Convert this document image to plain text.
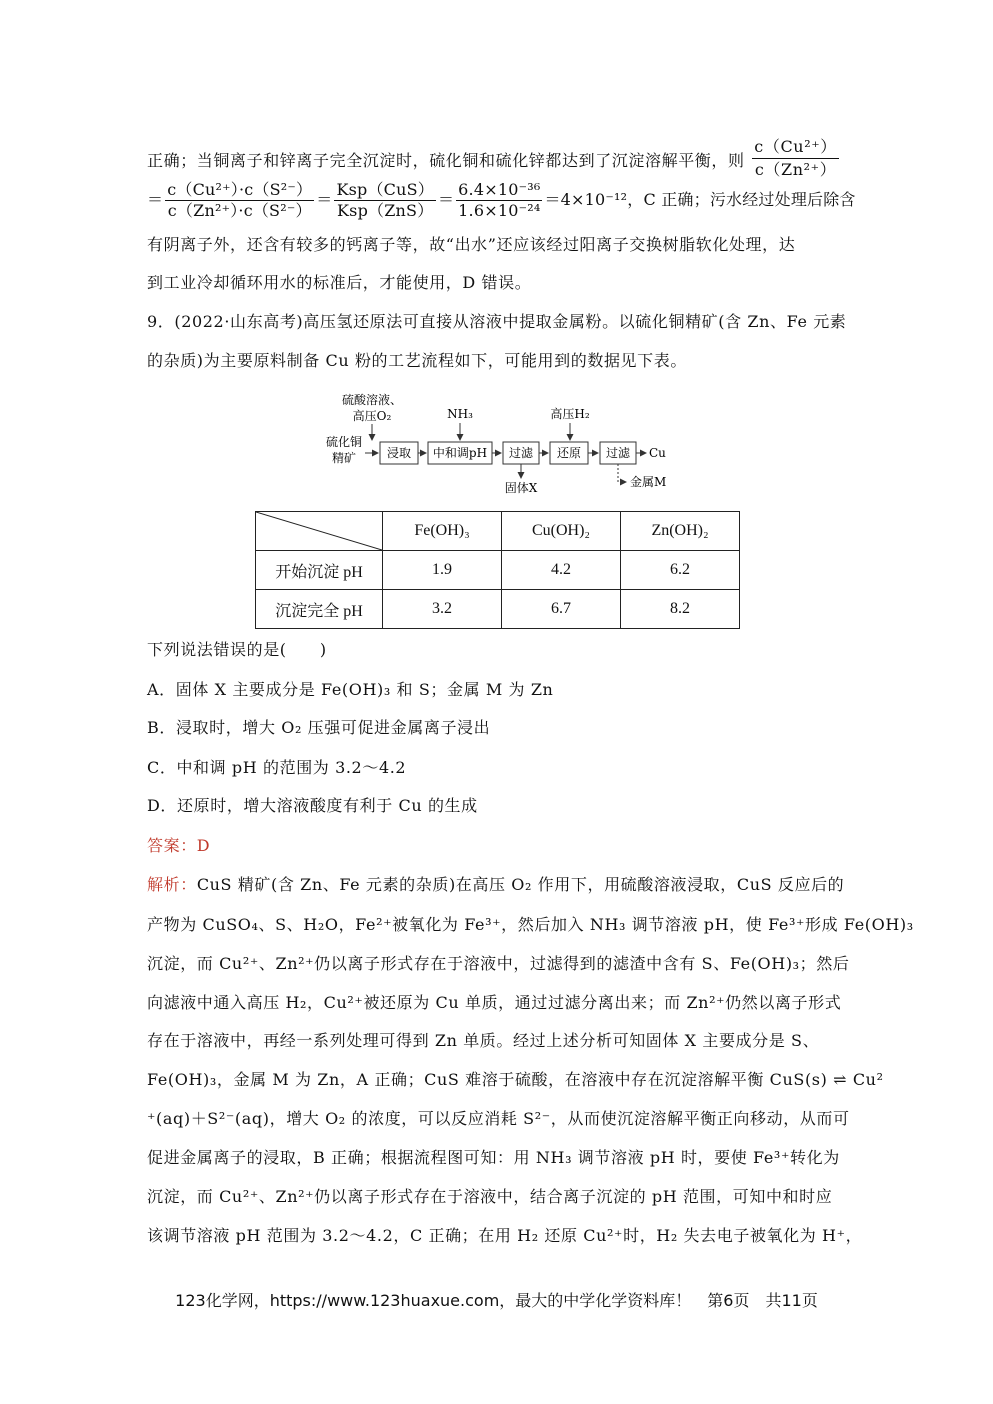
正确；当铜离子和锌离子完全沉淀时，硫化铜和硫化锌都达到了沉淀溶解平衡，则 $\frac{\text{c（Cu²⁺）}}{\text{c（Zn²⁺）}}$
＝ $\frac{\text{c（Cu²⁺）·c（S²⁻）}}{\text{c（Zn²⁺）·c（S²⁻）}} = \frac{\text{Ksp（CuS）}}{\text{Ksp（ZnS）}} = \frac{\text{6.4×10⁻³⁶}}{\text{1.6×10⁻²⁴}} =4\times 10^{-12}$，C 正确；污水经过处理后除含
有阴离子外，还含有较多的钙离子等，故“出水”还应该经过阳离子交换树脂软化处理，达
到工业冷却循环用水的标准后，才能使用，D 错误。
9．(2022·山东高考)高压氢还原法可直接从溶液中提取金属粉。以硫化铜精矿(含 Zn、Fe 元素
的杂质)为主要原料制备 Cu 粉的工艺流程如下，可能用到的数据见下表。
硫酸溶液、
高压O₂	NH₃	高压H₂
硫化铜
精矿	浸取 中和调pH 过滤
固体X
还原 过滤 Cu
金属M
	Fe(OH)₃	Cu(OH)₂	Zn(OH)₂
开始沉淀 pH	1.9	4.2	6.2
沉淀完全 pH	3.2	6.7	8.2
下列说法错误的是(　　)
A．固体 X 主要成分是 Fe(OH)₃ 和 S；金属 M 为 Zn
B．浸取时，增大 O₂ 压强可促进金属离子浸出
C．中和调 pH 的范围为 3.2～4.2
D．还原时，增大溶液酸度有利于 Cu 的生成
答案：D
解析：CuS 精矿(含 Zn、Fe 元素的杂质)在高压 O₂ 作用下，用硫酸溶液浸取，CuS 反应后的
产物为 CuSO₄、S、H₂O，Fe²⁺被氧化为 Fe³⁺，然后加入 NH₃ 调节溶液 pH，使 Fe³⁺形成 Fe(OH)₃
沉淀，而 Cu²⁺、Zn²⁺仍以离子形式存在于溶液中，过滤得到的滤渣中含有 S、Fe(OH)₃；然后
向滤液中通入高压 H₂，Cu²⁺被还原为 Cu 单质，通过过滤分离出来；而 Zn²⁺仍然以离子形式
存在于溶液中，再经一系列处理可得到 Zn 单质。经过上述分析可知固体 X 主要成分是 S、
Fe(OH)₃，金属 M 为 Zn，A 正确；CuS 难溶于硫酸，在溶液中存在沉淀溶解平衡 CuS(s) ⇌ Cu²
⁺(aq)＋S²⁻(aq)，增大 O₂ 的浓度，可以反应消耗 S²⁻，从而使沉淀溶解平衡正向移动，从而可
促进金属离子的浸取，B 正确；根据流程图可知：用 NH₃ 调节溶液 pH 时，要使 Fe³⁺转化为
沉淀，而 Cu²⁺、Zn²⁺仍以离子形式存在于溶液中，结合离子沉淀的 pH 范围，可知中和时应
该调节溶液 pH 范围为 3.2～4.2，C 正确；在用 H₂ 还原 Cu²⁺时，H₂ 失去电子被氧化为 H⁺，
123化学网，https://www.123huaxue.com，最大的中学化学资料库！　第6页　共11页
